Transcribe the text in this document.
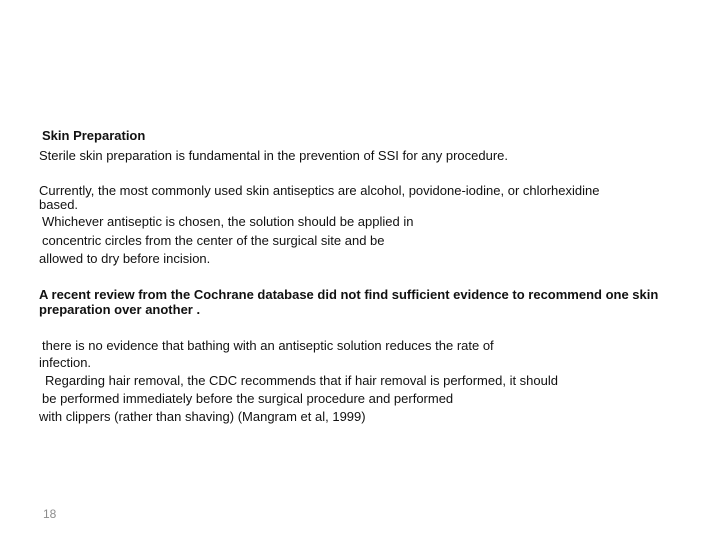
Skin Preparation
Sterile skin preparation is fundamental in the prevention of SSI for any procedure.
Currently, the most commonly used skin antiseptics are alcohol, povidone-iodine, or chlorhexidine
based.
Whichever antiseptic is chosen, the solution should be applied in
concentric circles from the center of the surgical site and be
allowed to dry before incision.
A recent review from the Cochrane database did not find sufficient evidence to recommend one skin
preparation over another .
there is no evidence that bathing with an antiseptic solution reduces the rate of
infection.
Regarding hair removal, the CDC recommends that if hair removal is performed, it should
be performed immediately before the surgical procedure and performed
with clippers (rather than shaving) (Mangram et al, 1999)
18
